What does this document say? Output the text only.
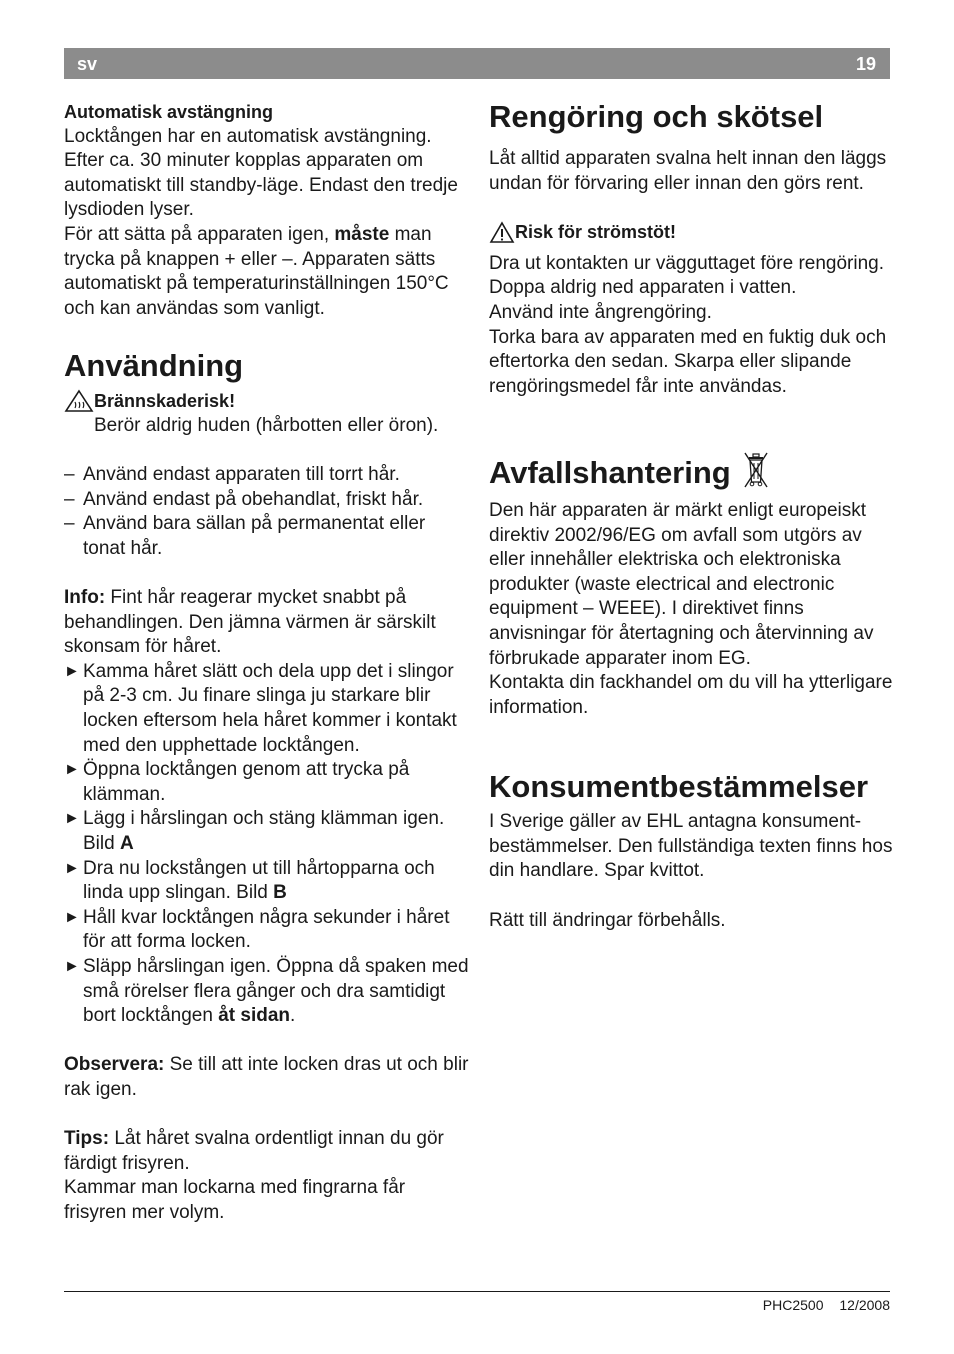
sv	19
Automatisk avstängning

Locktången har en automatisk avstängning. Efter ca. 30 minuter kopplas apparaten om automatiskt till standby-läge. Endast den tredje lysdioden lyser.

För att sätta på apparaten igen, måste man trycka på knappen + eller –. Apparaten sätts automatiskt på temperaturinställningen 150°C och kan användas som vanligt.

Användning
Brännskaderisk!
Berör aldrig huden (hårbotten eller öron).
– Använd endast apparaten till torrt hår.
– Använd endast på obehandlat, friskt hår.
– Använd bara sällan på permanentat eller tonat hår.

Info: Fint hår reagerar mycket snabbt på behandlingen. Den jämna värmen är särskilt skonsam för håret.

► Kamma håret slätt och dela upp det i slingor på 2-3 cm. Ju finare slinga ju starkare blir locken eftersom hela håret kommer i kontakt med den upphettade locktången.
► Öppna locktången genom att trycka på klämman.
► Lägg i hårslingan och stäng klämman igen. Bild A
► Dra nu lockstången ut till hårtopparna och linda upp slingan. Bild B
► Håll kvar locktången några sekunder i håret för att forma locken.
► Släpp hårslingan igen. Öppna då spaken med små rörelser flera gånger och dra samtidigt bort locktången åt sidan.

Observera: Se till att inte locken dras ut och blir rak igen.

Tips: Låt håret svalna ordentligt innan du gör färdigt frisyren.

Kammar man lockarna med fingrarna får frisyren mer volym.

Rengöring och skötsel

Låt alltid apparaten svalna helt innan den läggs undan för förvaring eller innan den görs rent.

Risk för strömstöt!

Dra ut kontakten ur vägguttaget före rengöring.

Doppa aldrig ned apparaten i vatten.

Använd inte ångrengöring.

Torka bara av apparaten med en fuktig duk och eftertorka den sedan. Skarpa eller slipande rengöringsmedel får inte användas.

Avfallshantering

Den här apparaten är märkt enligt europeiskt direktiv 2002/96/EG om avfall som utgörs av eller innehåller elektriska och elektroniska produkter (waste electrical and electronic equipment – WEEE). I direktivet finns anvisningar för återtagning och återvinning av förbrukade apparater inom EG.

Kontakta din fackhandel om du vill ha ytterligare information.

Konsumentbestämmelser

I Sverige gäller av EHL antagna konsument-bestämmelser. Den fullständiga texten finns hos din handlare. Spar kvittot.

Rätt till ändringar förbehålls.

PHC2500 12/2008
